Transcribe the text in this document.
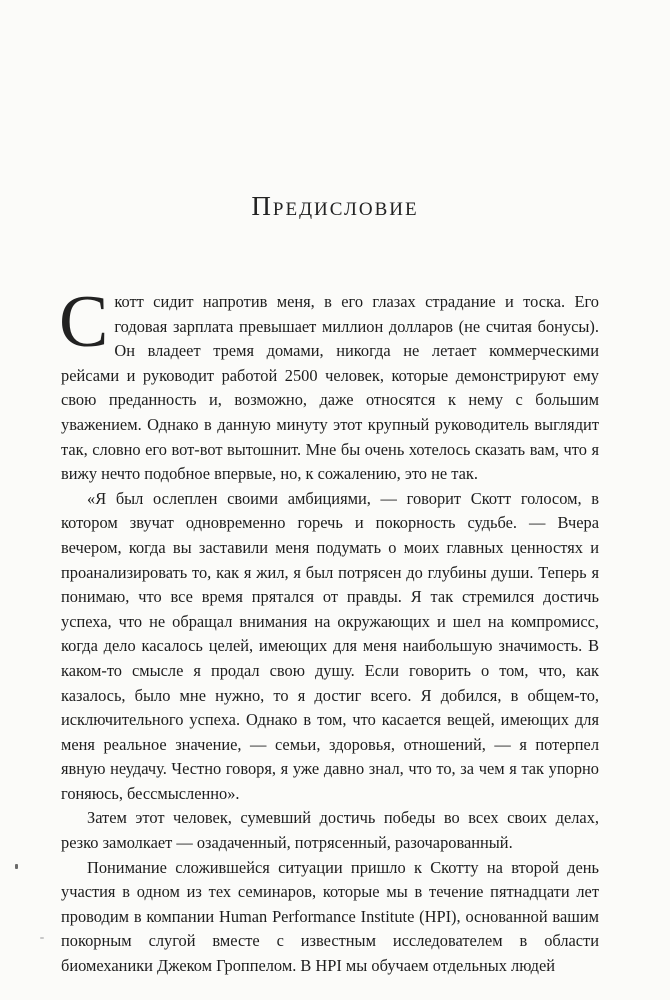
Предисловие

Скотт сидит напротив меня, в его глазах страдание и тоска. Его годовая зарплата превышает миллион долларов (не считая бонусы). Он владеет тремя домами, никогда не летает коммерческими рейсами и руководит работой 2500 человек, которые демонстрируют ему свою преданность и, возможно, даже относятся к нему с большим уважением. Однако в данную минуту этот крупный руководитель выглядит так, словно его вот-вот вытошнит. Мне бы очень хотелось сказать вам, что я вижу нечто подобное впервые, но, к сожалению, это не так.

«Я был ослеплен своими амбициями, — говорит Скотт голосом, в котором звучат одновременно горечь и покорность судьбе. — Вчера вечером, когда вы заставили меня подумать о моих главных ценностях и проанализировать то, как я жил, я был потрясен до глубины души. Теперь я понимаю, что все время прятался от правды. Я так стремился достичь успеха, что не обращал внимания на окружающих и шел на компромисс, когда дело касалось целей, имеющих для меня наибольшую значимость. В каком-то смысле я продал свою душу. Если говорить о том, что, как казалось, было мне нужно, то я достиг всего. Я добился, в общем-то, исключительного успеха. Однако в том, что касается вещей, имеющих для меня реальное значение, — семьи, здоровья, отношений, — я потерпел явную неудачу. Честно говоря, я уже давно знал, что то, за чем я так упорно гоняюсь, бессмысленно».

Затем этот человек, сумевший достичь победы во всех своих делах, резко замолкает — озадаченный, потрясенный, разочарованный.

Понимание сложившейся ситуации пришло к Скотту на второй день участия в одном из тех семинаров, которые мы в течение пятнадцати лет проводим в компании Human Performance Institute (HPI), основанной вашим покорным слугой вместе с известным исследователем в области биомеханики Джеком Гроппелом. В HPI мы обучаем отдельных людей
